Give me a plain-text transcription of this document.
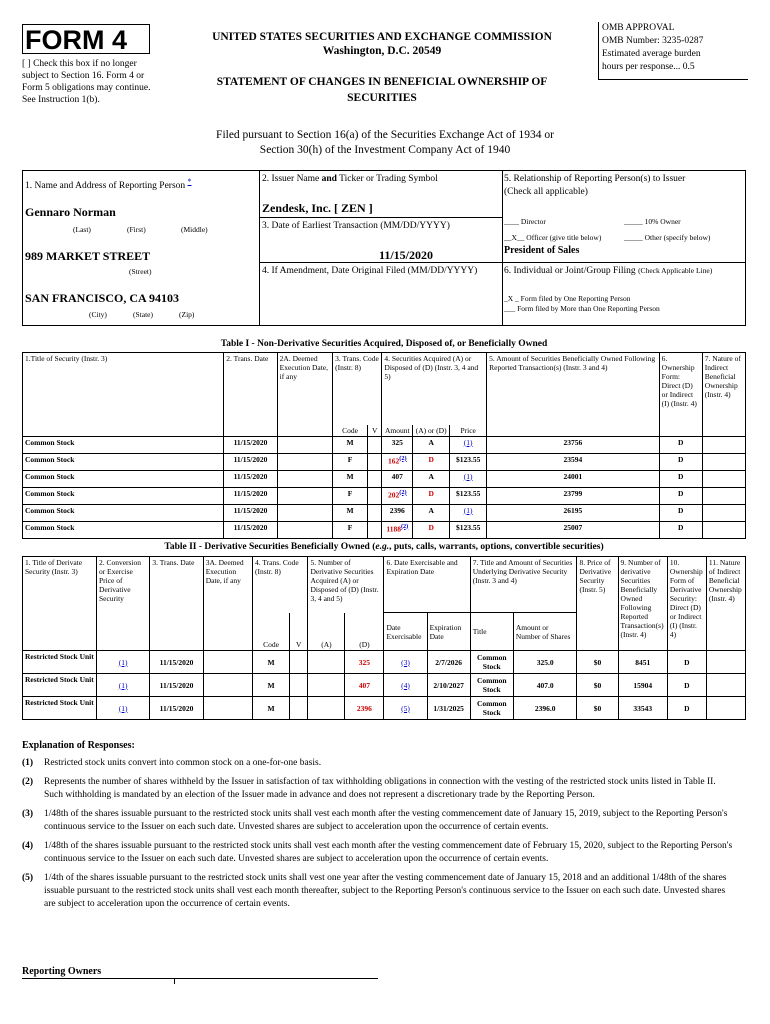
FORM 4
[ ] Check this box if no longer subject to Section 16. Form 4 or Form 5 obligations may continue. See Instruction 1(b).
UNITED STATES SECURITIES AND EXCHANGE COMMISSION
Washington, D.C. 20549
STATEMENT OF CHANGES IN BENEFICIAL OWNERSHIP OF
SECURITIES
OMB APPROVAL
OMB Number: 3235-0287
Estimated average burden
hours per response... 0.5
Filed pursuant to Section 16(a) of the Securities Exchange Act of 1934 or
Section 30(h) of the Investment Company Act of 1940
1. Name and Address of Reporting Person *
Gennaro Norman
(Last)	(First)	(Middle)
989 MARKET STREET
(Street)
SAN FRANCISCO, CA 94103
(City)	(State)	(Zip)
2. Issuer Name and Ticker or Trading Symbol
Zendesk, Inc. [ ZEN ]
3. Date of Earliest Transaction (MM/DD/YYYY)
11/15/2020
4. If Amendment, Date Original Filed (MM/DD/YYYY)
5. Relationship of Reporting Person(s) to Issuer
(Check all applicable)
____ Director	_____ 10% Owner
__X__ Officer (give title below)	_____ Other (specify below)
President of Sales
6. Individual or Joint/Group Filing (Check Applicable Line)
_X _ Form filed by One Reporting Person
___ Form filed by More than One Reporting Person
Table I - Non-Derivative Securities Acquired, Disposed of, or Beneficially Owned
1.Title of Security (Instr. 3)	2. Trans. Date	2A. Deemed Execution Date, if any	3. Trans. Code (Instr. 8)		4. Securities Acquired (A) or Disposed of (D) (Instr. 3, 4 and 5)			5. Amount of Securities Beneficially Owned Following Reported Transaction(s) (Instr. 3 and 4)	6. Ownership Form: Direct (D) or Indirect (I) (Instr. 4)	7. Nature of Indirect Beneficial Ownership (Instr. 4)
			Code	V	Amount	(A) or (D)	Price			
Common Stock	11/15/2020		M		325	A	(1)	23756	D	
Common Stock	11/15/2020		F		162$^{(2)}$	D	$123.55	23594	D	
Common Stock	11/15/2020		M		407	A	(1)	24001	D	
Common Stock	11/15/2020		F		202$^{(2)}$	D	$123.55	23799	D	
Common Stock	11/15/2020		M		2396	A	(1)	26195	D	
Common Stock	11/15/2020		F		1188$^{(2)}$	D	$123.55	25007	D	
Table II - Derivative Securities Beneficially Owned (e.g., puts, calls, warrants, options, convertible securities)
1. Title of Derivate Security (Instr. 3)	2. Conversion or Exercise Price of Derivative Security	3. Trans. Date	3A. Deemed Execution Date, if any	4. Trans. Code (Instr. 8)		5. Number of Derivative Securities Acquired (A) or Disposed of (D) (Instr. 3, 4 and 5)		6. Date Exercisable and Expiration Date		7. Title and Amount of Securities Underlying Derivative Security (Instr. 3 and 4)		8. Price of Derivative Security (Instr. 5)	9. Number of derivative Securities Beneficially Owned Following Reported Transaction(s) (Instr. 4)	10. Ownership Form of Derivative Security: Direct (D) or Indirect (I) (Instr. 4)	11. Nature of Indirect Beneficial Ownership (Instr. 4)
				Code	V	(A)	(D)	Date Exercisable	Expiration Date	Title	Amount or Number of Shares				
Restricted Stock Unit	(1)	11/15/2020		M			325	(3)	2/7/2026	Common Stock	325.0	$0	8451	D	
Restricted Stock Unit	(1)	11/15/2020		M			407	(4)	2/10/2027	Common Stock	407.0	$0	15904	D	
Restricted Stock Unit	(1)	11/15/2020		M			2396	(5)	1/31/2025	Common Stock	2396.0	$0	33543	D	
Explanation of Responses:
(1) Restricted stock units convert into common stock on a one-for-one basis.
(2) Represents the number of shares withheld by the Issuer in satisfaction of tax withholding obligations in connection with the vesting of the restricted stock units listed in Table II. Such withholding is mandated by an election of the Issuer made in advance and does not represent a discretionary trade by the Reporting Person.
(3) 1/48th of the shares issuable pursuant to the restricted stock units shall vest each month after the vesting commencement date of January 15, 2019, subject to the Reporting Person's continuous service to the Issuer on each such date. Unvested shares are subject to acceleration upon the occurrence of certain events.
(4) 1/48th of the shares issuable pursuant to the restricted stock units shall vest each month after the vesting commencement date of February 15, 2020, subject to the Reporting Person's continuous service to the Issuer on each such date. Unvested shares are subject to acceleration upon the occurrence of certain events.
(5) 1/4th of the shares issuable pursuant to the restricted stock units shall vest one year after the vesting commencement date of January 15, 2018 and an additional 1/48th of the shares issuable pursuant to the restricted stock units shall vest each month thereafter, subject to the Reporting Person's continuous service to the Issuer on each such date. Unvested shares are subject to acceleration upon the occurrence of certain events.
Reporting Owners
